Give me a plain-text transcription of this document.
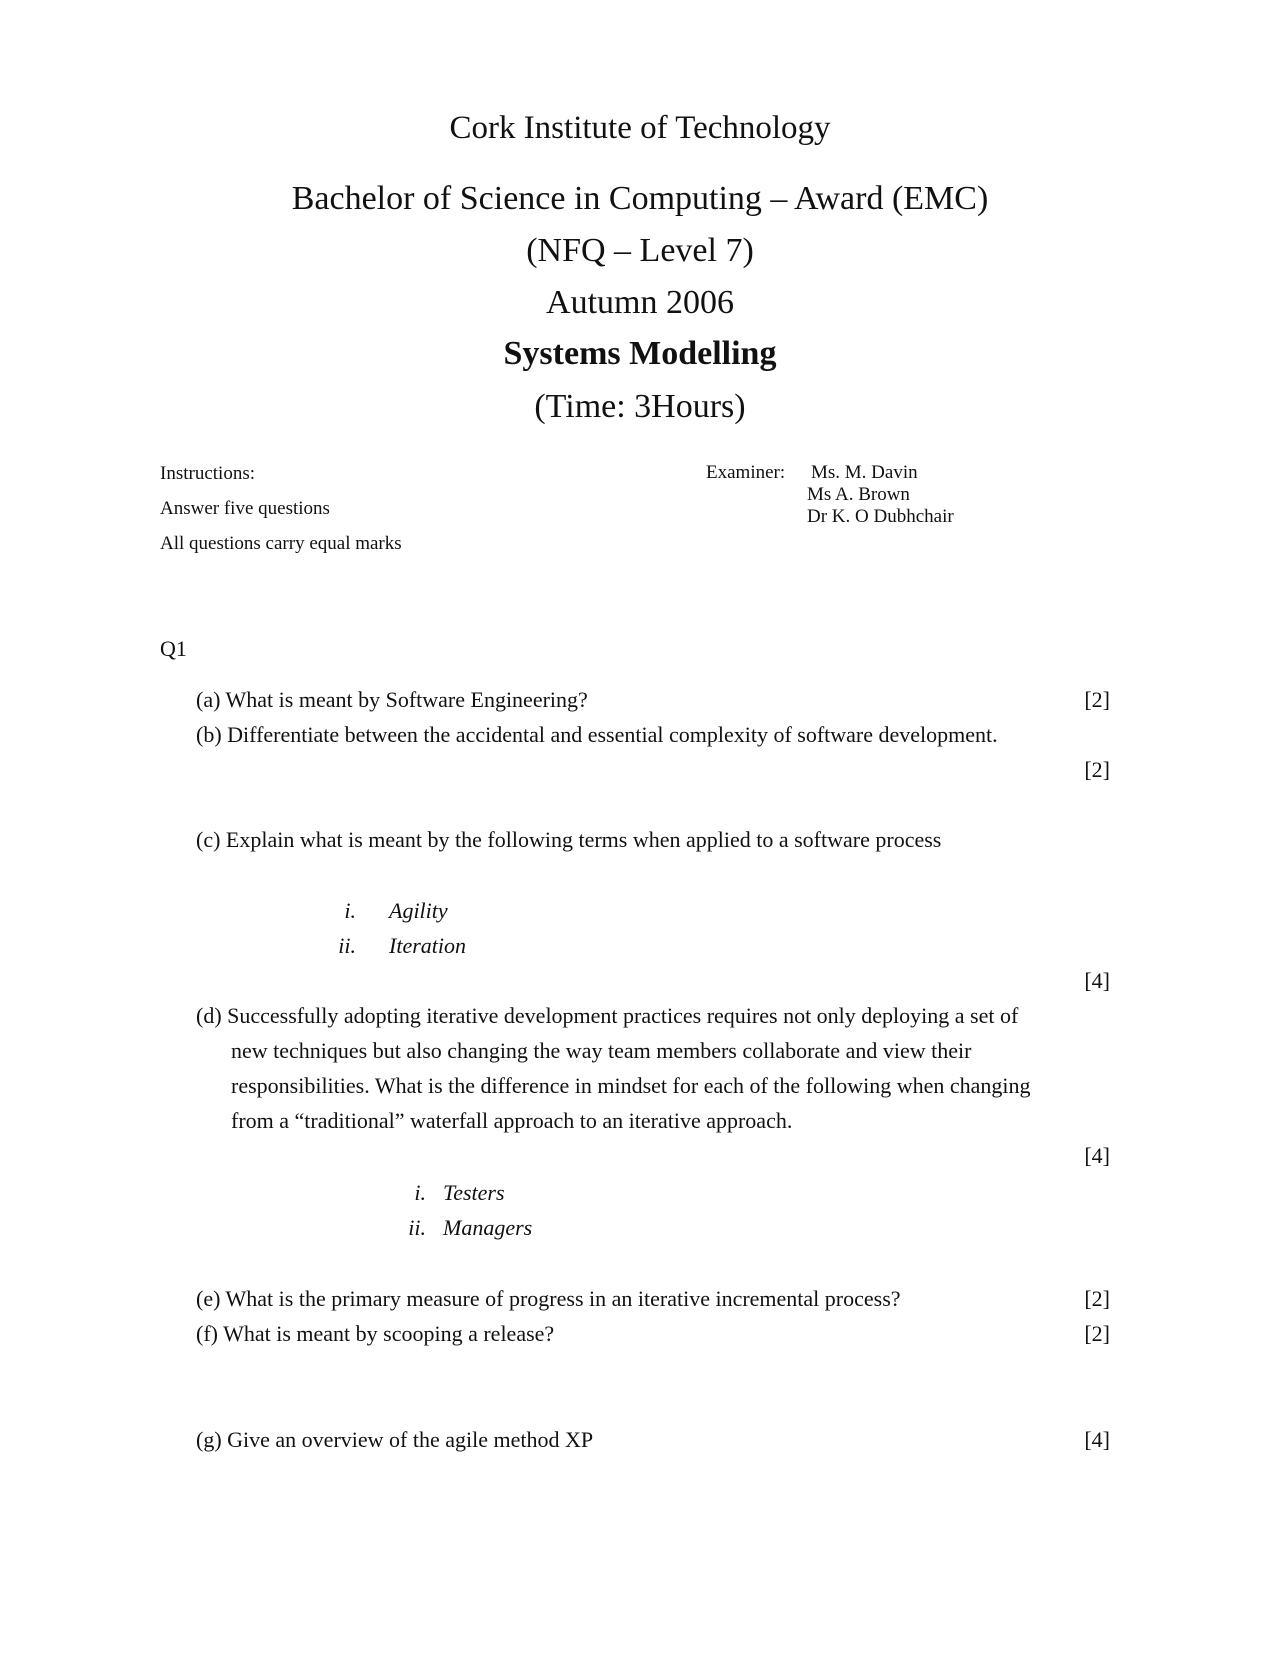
Cork Institute of Technology
Bachelor of Science in Computing – Award (EMC)
(NFQ – Level 7)
Autumn 2006
Systems Modelling
(Time: 3Hours)
Instructions:
Answer five questions
All questions carry equal marks
Examiner: Ms. M. Davin
Ms A. Brown
Dr K. O Dubhchair
Q1
(a) What is meant by Software Engineering?	[2]
(b) Differentiate between the accidental and essential complexity of software development.
[2]
(c) Explain what is meant by the following terms when applied to a software process
i. Agility
ii. Iteration
[4]
(d) Successfully adopting iterative development practices requires not only deploying a set of
new techniques but also changing the way team members collaborate and view their
responsibilities. What is the difference in mindset for each of the following when changing
from a “traditional” waterfall approach to an iterative approach.
[4]
i. Testers
ii. Managers
(e) What is the primary measure of progress in an iterative incremental process?	[2]
(f) What is meant by scooping a release?	[2]
(g) Give an overview of the agile method XP	[4]
